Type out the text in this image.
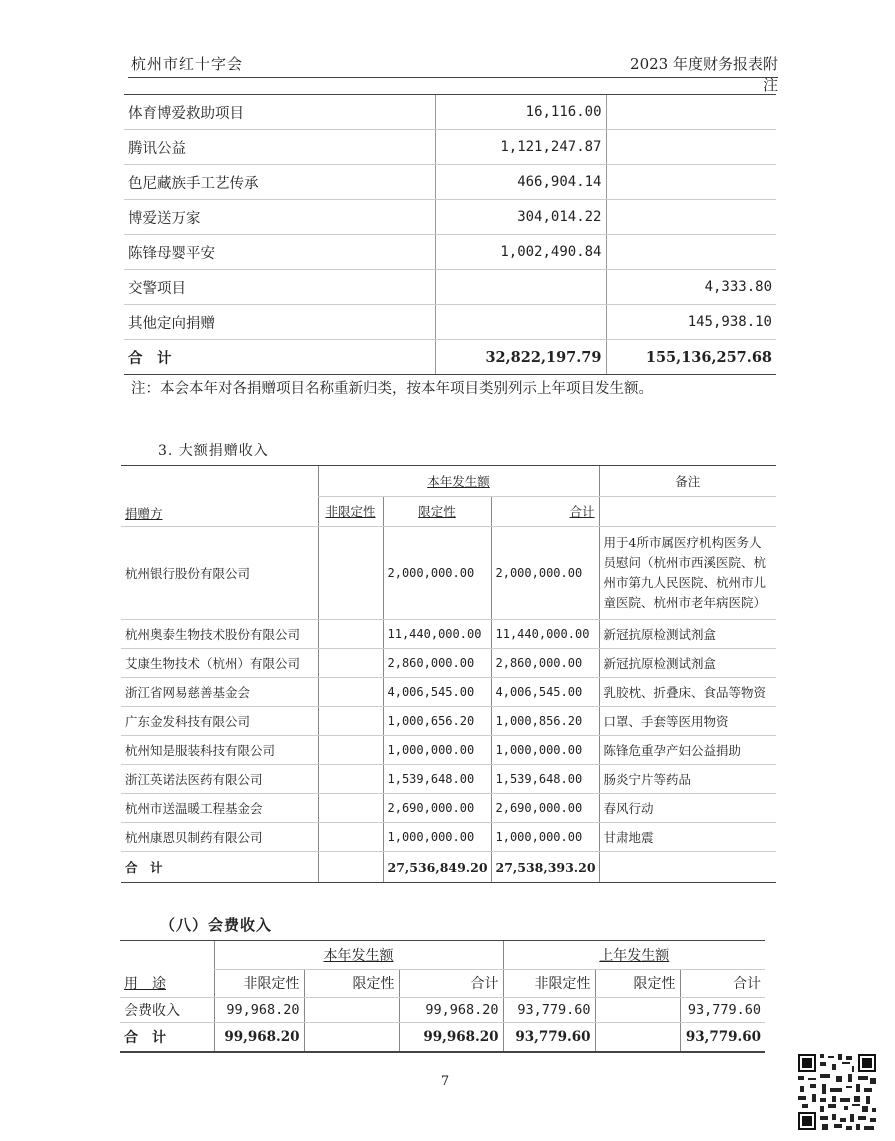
杭州市红十字会	2023 年度财务报表附注
体育博爱救助项目	16,116.00	
腾讯公益	1,121,247.87	
色尼藏族手工艺传承	466,904.14	
博爱送万家	304,014.22	
陈锋母婴平安	1,002,490.84	
交警项目		4,333.80
其他定向捐赠		145,938.10
合　计	32,822,197.79	155,136,257.68
注：本会本年对各捐赠项目名称重新归类，按本年项目类别列示上年项目发生额。
3. 大额捐赠收入
捐赠方	本年发生额			备注
	非限定性	限定性	合计	
杭州银行股份有限公司		2,000,000.00	2,000,000.00	用于4所市属医疗机构医务人员慰问（杭州市西溪医院、杭州市第九人民医院、杭州市儿童医院、杭州市老年病医院）
杭州奥泰生物技术股份有限公司		11,440,000.00	11,440,000.00	新冠抗原检测试剂盒
艾康生物技术（杭州）有限公司		2,860,000.00	2,860,000.00	新冠抗原检测试剂盒
浙江省网易慈善基金会		4,006,545.00	4,006,545.00	乳胶枕、折叠床、食品等物资
广东金发科技有限公司		1,000,656.20	1,000,856.20	口罩、手套等医用物资
杭州知是服装科技有限公司		1,000,000.00	1,000,000.00	陈锋危重孕产妇公益捐助
浙江英诺法医药有限公司		1,539,648.00	1,539,648.00	肠炎宁片等药品
杭州市送温暖工程基金会		2,690,000.00	2,690,000.00	春风行动
杭州康恩贝制药有限公司		1,000,000.00	1,000,000.00	甘肃地震
合　计		27,536,849.20	27,538,393.20	
（八）会费收入
用　途	本年发生额			上年发生额		
	非限定性	限定性	合计	非限定性	限定性	合计
会费收入	99,968.20		99,968.20	93,779.60		93,779.60
合　计	99,968.20		99,968.20	93,779.60		93,779.60
7
